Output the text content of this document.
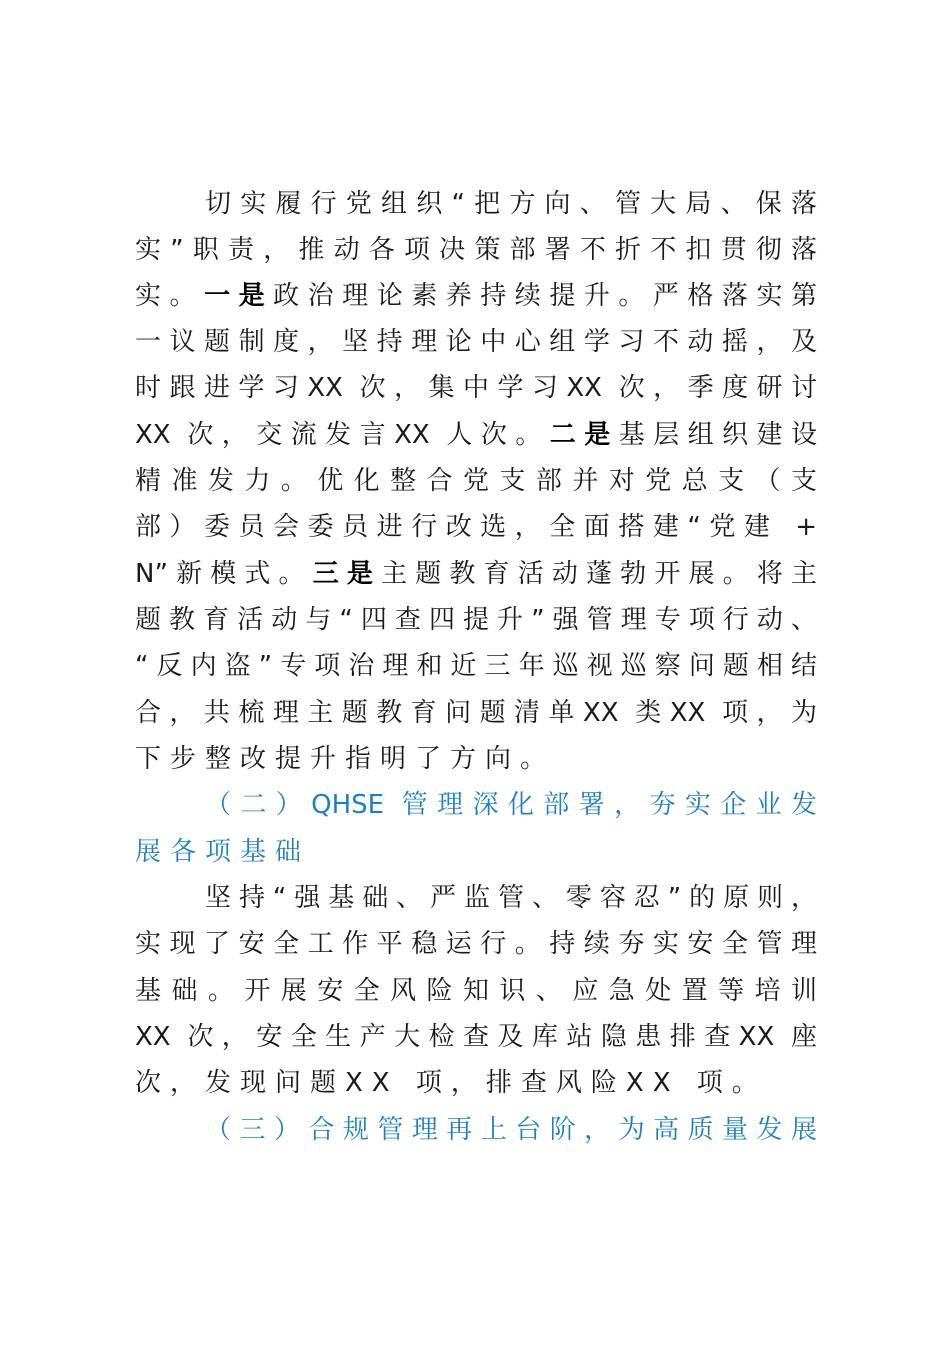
切实履行党组织“把方向、管大局、保落
实”职责，推动各项决策部署不折不扣贯彻落
实。一是政治理论素养持续提升。严格落实第
一议题制度，坚持理论中心组学习不动摇，及
时跟进学习XX 次，集中学习XX 次，季度研讨
XX 次，交流发言XX 人次。二是基层组织建设
精准发力。优化整合党支部并对党总支（支
部）委员会委员进行改选，全面搭建“党建 +
N”新模式。三是主题教育活动蓬勃开展。将主
题教育活动与“四查四提升”强管理专项行动、
“反内盗”专项治理和近三年巡视巡察问题相结
合，共梳理主题教育问题清单XX 类XX 项，为
下步整改提升指明了方向。
（二）QHSE 管理深化部署，夯实企业发
展各项基础
坚持“强基础、严监管、零容忍”的原则，
实现了安全工作平稳运行。持续夯实安全管理
基础。开展安全风险知识、应急处置等培训
XX 次，安全生产大检查及库站隐患排查XX 座
次，发现问题XX 项，排查风险XX 项。
（三）合规管理再上台阶，为高质量发展
